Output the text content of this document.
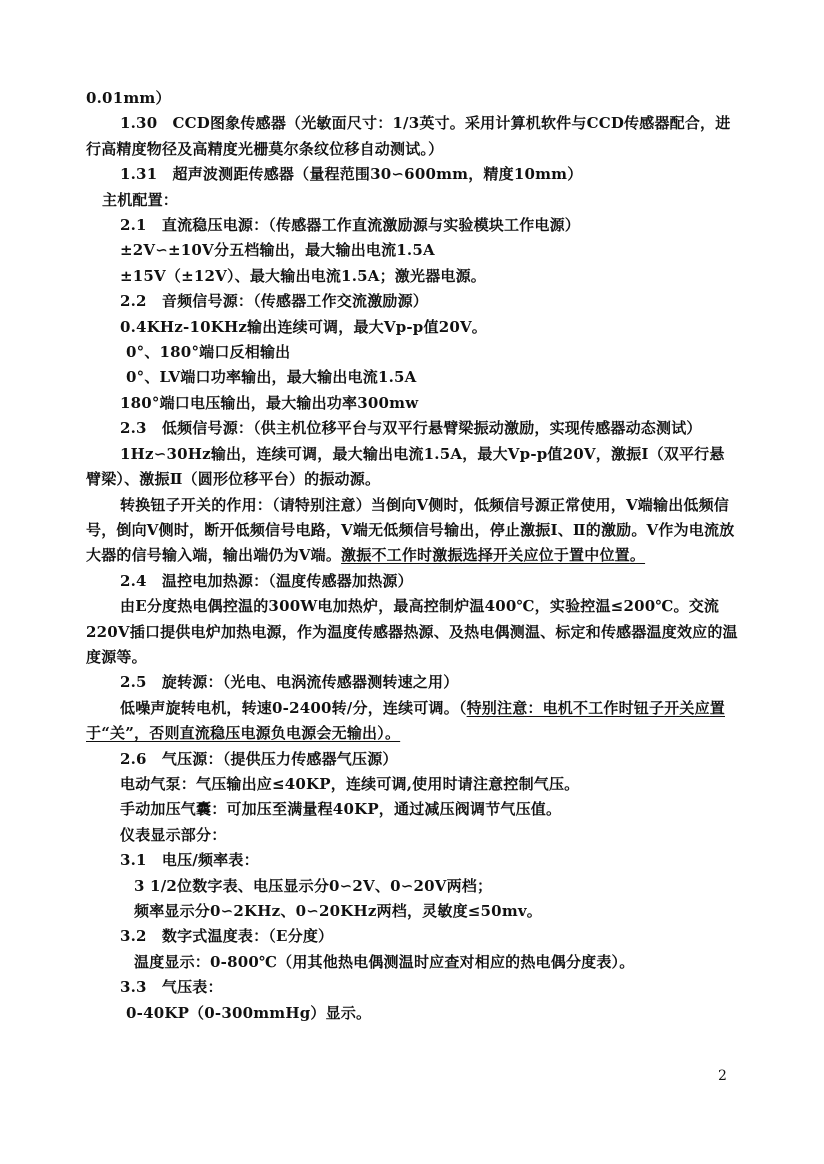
0.01mm）
1.30　CCD图象传感器（光敏面尺寸：1/3英寸。采用计算机软件与CCD传感器配合，进行高精度物径及高精度光栅莫尔条纹位移自动测试。）
1.31　超声波测距传感器（量程范围30∽600mm，精度10mm）
主机配置：
2.1　直流稳压电源：（传感器工作直流激励源与实验模块工作电源）
±2V∽±10V分五档输出，最大输出电流1.5A
±15V（±12V）、最大输出电流1.5A；激光器电源。
2.2　音频信号源：（传感器工作交流激励源）
0.4KHz-10KHz输出连续可调，最大Vp-p值20V。
0°、180°端口反相输出
0°、LV端口功率输出，最大输出电流1.5A
180°端口电压输出，最大输出功率300mw
2.3　低频信号源：（供主机位移平台与双平行悬臂梁振动激励，实现传感器动态测试）
1Hz∽30Hz输出，连续可调，最大输出电流1.5A，最大Vp-p值20V，激振Ⅰ（双平行悬臂梁）、激振Ⅱ（圆形位移平台）的振动源。
转换钮子开关的作用：（请特别注意）当倒向V侧时，低频信号源正常使用，V端输出低频信号，倒向V侧时，断开低频信号电路，V端无低频信号输出，停止激振Ⅰ、Ⅱ的激励。V作为电流放大器的信号输入端，输出端仍为V端。激振不工作时激振选择开关应位于置中位置。
2.4　温控电加热源：（温度传感器加热源）
由E分度热电偶控温的300W电加热炉，最高控制炉温400℃，实验控温≤200℃。交流220V插口提供电炉加热电源，作为温度传感器热源、及热电偶测温、标定和传感器温度效应的温度源等。
2.5　旋转源：（光电、电涡流传感器测转速之用）
低噪声旋转电机，转速0-2400转/分，连续可调。（特别注意：电机不工作时钮子开关应置于“关”，否则直流稳压电源负电源会无输出）。
2.6　气压源：（提供压力传感器气压源）
电动气泵：气压输出应≤40KP，连续可调,使用时请注意控制气压。
手动加压气囊：可加压至满量程40KP，通过减压阀调节气压值。
仪表显示部分：
3.1　电压/频率表：
3 1/2位数字表、电压显示分0∽2V、0∽20V两档；
频率显示分0∽2KHz、0∽20KHz两档，灵敏度≤50mv。
3.2　数字式温度表：（E分度）
温度显示：0-800℃（用其他热电偶测温时应查对相应的热电偶分度表）。
3.3　气压表：
0-40KP（0-300mmHg）显示。
2
